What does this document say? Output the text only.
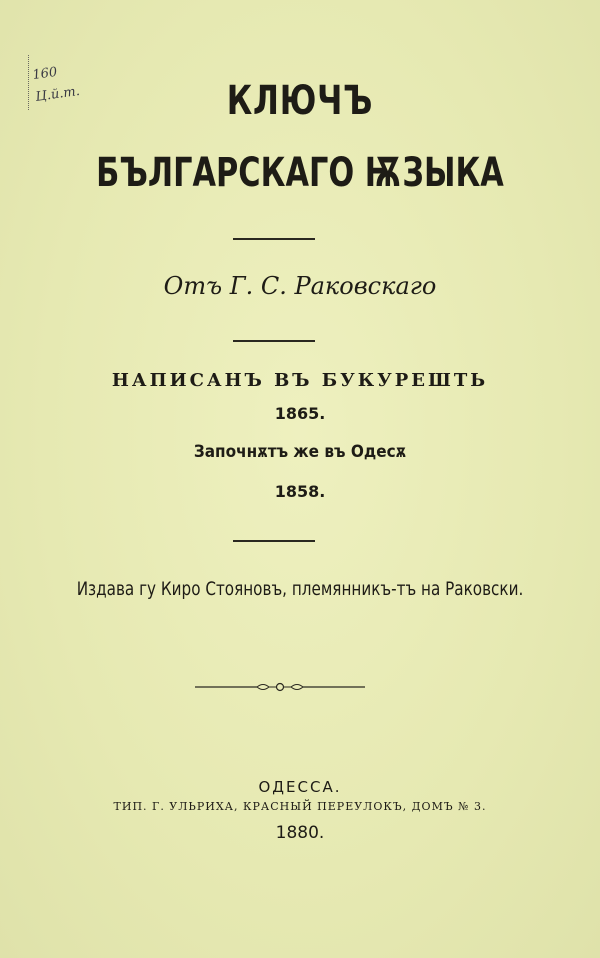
160
Ц.й.т.	КЛЮЧЪ
БЪЛГАРСКАГО ѬЗЫКА
Отъ Г. С. Раковскаго
НАПИСАНЪ ВЪ БУКУРЕШТЬ
1865.
Започнѫтъ же въ Одесѫ
1858.
Издава гу Киро Стояновъ, племянникъ-тъ на Раковски.
ОДЕССА.
ТИП. Г. УЛЬРИХА, КРАСНЫЙ ПЕРЕУЛОКЪ, ДОМЪ № 3.
1880.
